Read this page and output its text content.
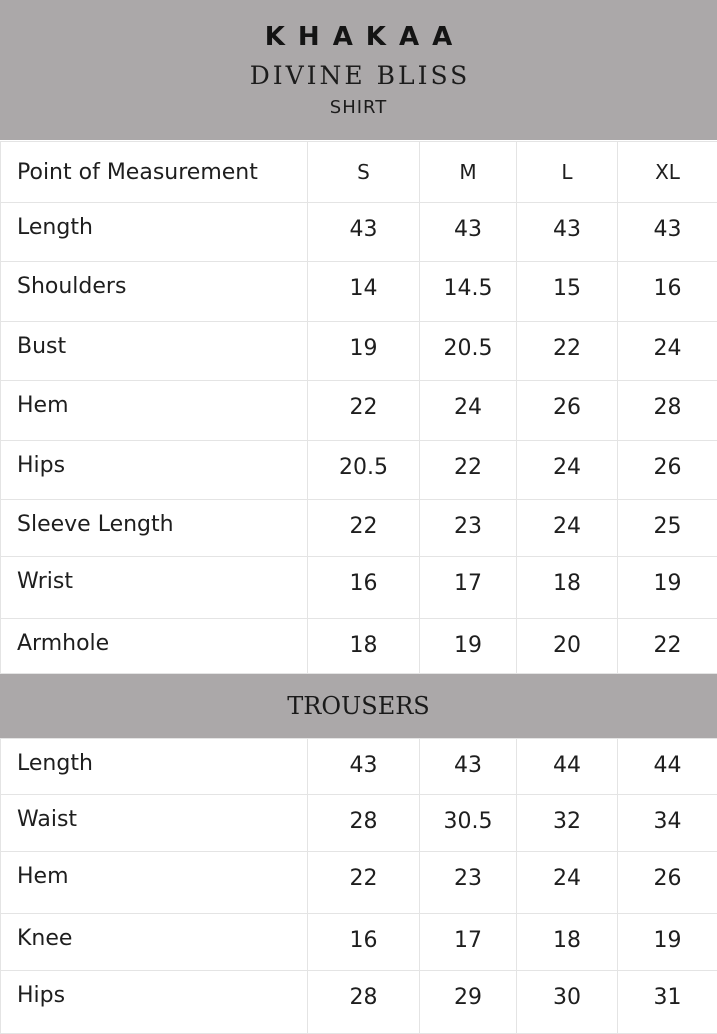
KHAKAA
DIVINE BLISS
SHIRT
Point of Measurement	S	M	L	XL
Length	43	43	43	43
Shoulders	14	14.5	15	16
Bust	19	20.5	22	24
Hem	22	24	26	28
Hips	20.5	22	24	26
Sleeve Length	22	23	24	25
Wrist	16	17	18	19
Armhole	18	19	20	22
TROUSERS
Length	43	43	44	44
Waist	28	30.5	32	34
Hem	22	23	24	26
Knee	16	17	18	19
Hips	28	29	30	31
